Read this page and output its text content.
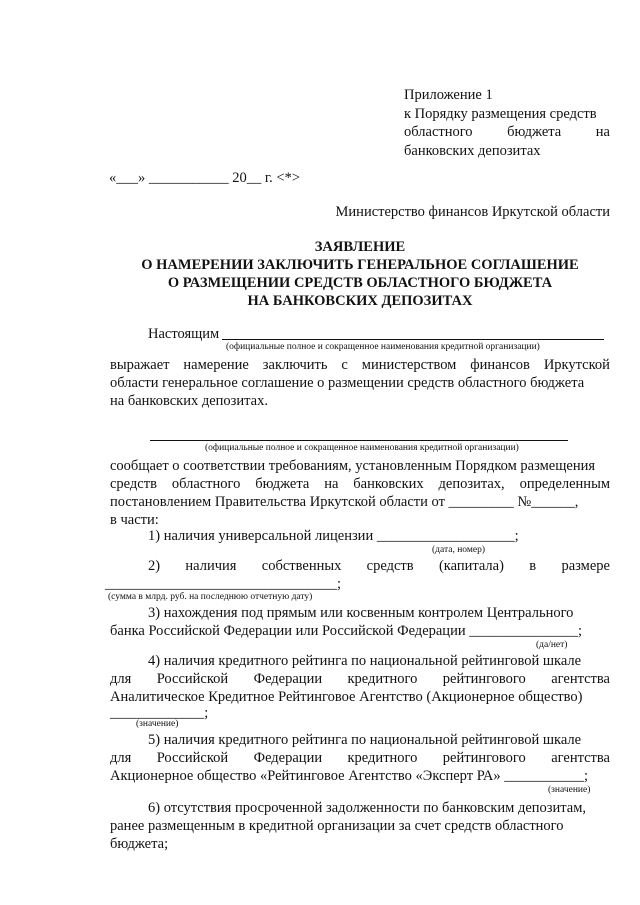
Приложение 1
к Порядку размещения средств
областного бюджета на
банковских депозитах
«___» ___________ 20__ г. <*>
Министерство финансов Иркутской области
ЗАЯВЛЕНИЕ
О НАМЕРЕНИИ ЗАКЛЮЧИТЬ ГЕНЕРАЛЬНОЕ СОГЛАШЕНИЕ
О РАЗМЕЩЕНИИ СРЕДСТВ ОБЛАСТНОГО БЮДЖЕТА
НА БАНКОВСКИХ ДЕПОЗИТАХ
Настоящим
(официальные полное и сокращенное наименования кредитной организации)
выражает намерение заключить с министерством финансов Иркутской
области генеральное соглашение о размещении средств областного бюджета
на банковских депозитах.
(официальные полное и сокращенное наименования кредитной организации)
сообщает о соответствии требованиям, установленным Порядком размещения
средств областного бюджета на банковских депозитах, определенным
постановлением Правительства Иркутской области от _________ №______,
в части:
1) наличия универсальной лицензии ___________________;
(дата, номер)
2) наличия собственных средств (капитала) в размере
________________________________;
(сумма в млрд. руб. на последнюю отчетную дату)
3) нахождения под прямым или косвенным контролем Центрального
банка Российской Федерации или Российской Федерации _______________;
(да/нет)
4) наличия кредитного рейтинга по национальной рейтинговой шкале
для Российской Федерации кредитного рейтингового агентства
Аналитическое Кредитное Рейтинговое Агентство (Акционерное общество)
_____________;
(значение)
5) наличия кредитного рейтинга по национальной рейтинговой шкале
для Российской Федерации кредитного рейтингового агентства
Акционерное общество «Рейтинговое Агентство «Эксперт РА» ___________;
(значение)
6) отсутствия просроченной задолженности по банковским депозитам,
ранее размещенным в кредитной организации за счет средств областного
бюджета;
